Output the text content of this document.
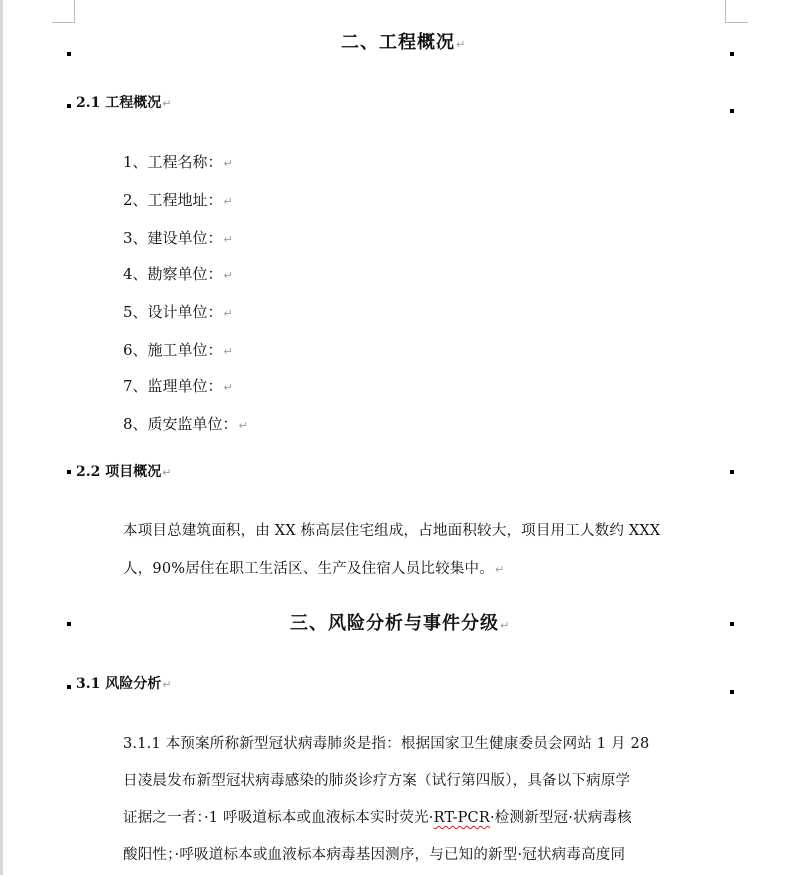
二、工程概况↵
2.1 工程概况↵
1、工程名称：↵
2、工程地址：↵
3、建设单位：↵
4、勘察单位：↵
5、设计单位：↵
6、施工单位：↵
7、监理单位：↵
8、质安监单位：↵
2.2 项目概况↵
本项目总建筑面积，由 XX 栋高层住宅组成，占地面积较大，项目用工人数约 XXX
人，90%居住在职工生活区、生产及住宿人员比较集中。↵
三、风险分析与事件分级↵
3.1 风险分析↵
3.1.1 本预案所称新型冠状病毒肺炎是指：根据国家卫生健康委员会网站 1 月 28
日凌晨发布新型冠状病毒感染的肺炎诊疗方案（试行第四版），具备以下病原学
证据之一者：·1 呼吸道标本或血液标本实时荧光·RT-PCR·检测新型冠·状病毒核
酸阳性；·呼吸道标本或血液标本病毒基因测序，与已知的新型·冠状病毒高度同
